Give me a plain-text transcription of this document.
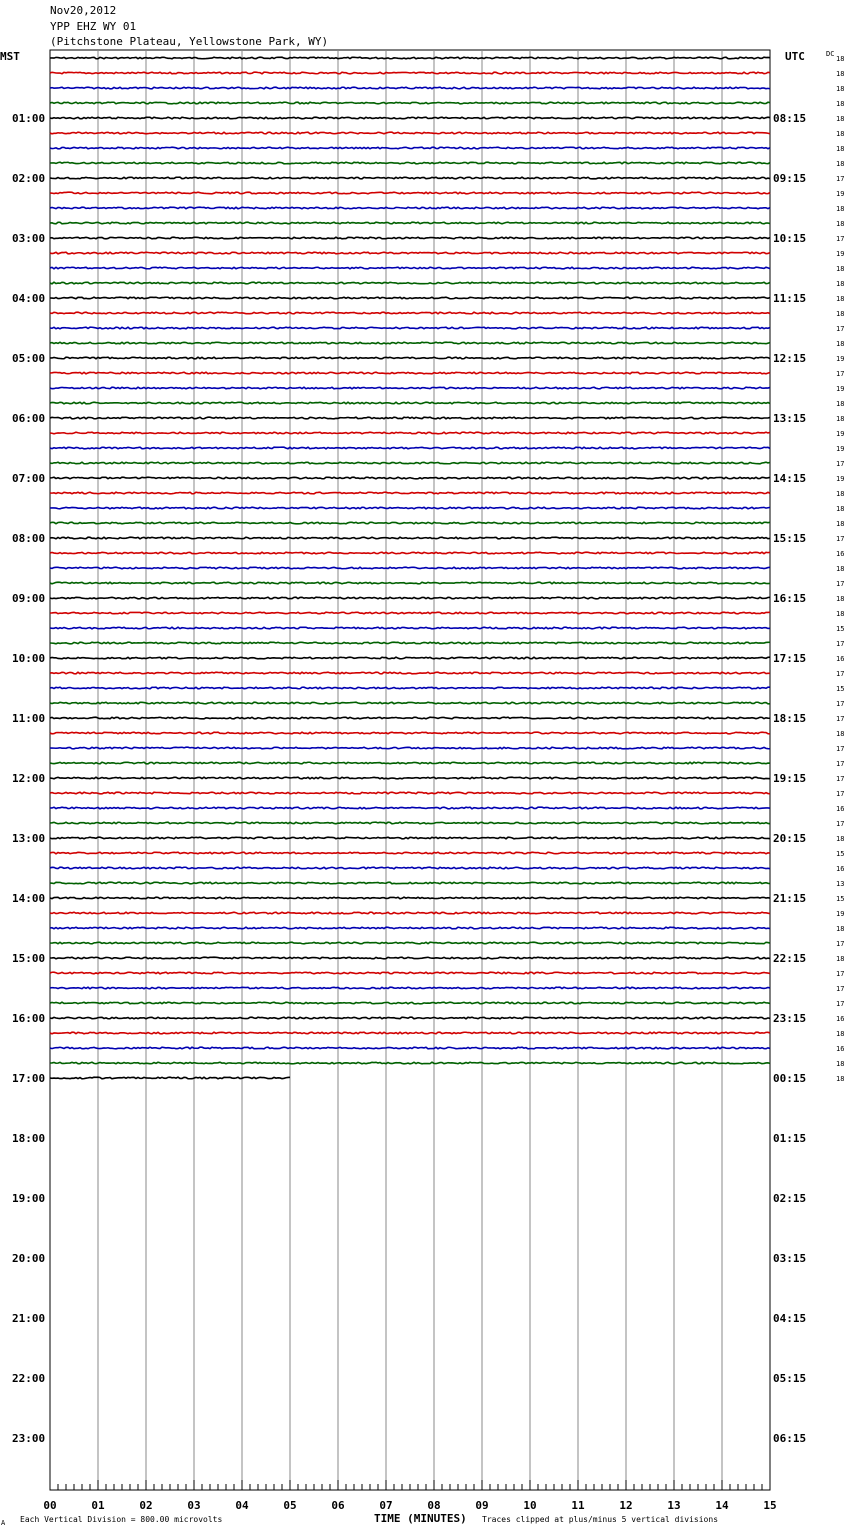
Nov20,2012
YPP EHZ WY 01
(Pitchstone Plateau, Yellowstone Park, WY)
MST	UTC	DC
01:00
02:00
03:00
04:00
05:00
06:00
07:00
08:00
09:00
10:00
11:00
12:00
13:00
14:00
15:00
16:00
17:00
18:00
19:00
20:00
21:00
22:00
23:00
08:15
09:15
10:15
11:15
12:15
13:15
14:15
15:15
16:15
17:15
18:15
19:15
20:15
21:15
22:15
23:15
00:15
01:15
02:15
03:15
04:15
05:15
06:15
18
18
18
18
18
18
18
18
17
19
18
18
17
19
18
18
18
18
17
18
19
17
19
18
18
19
19
17
19
18
18
18
17
16
18
17
18
18
15
17
16
17
15
17
17
18
17
17
17
17
16
17
18
15
16
13
15
19
18
17
18
17
17
17
16
18
16
18
18
00	01	02	03	04	05	06	07	08	09	10	11	12	13	14	15
A Each Vertical Division = 800.00 microvolts	TIME (MINUTES) Traces clipped at plus/minus 5 vertical divisions
